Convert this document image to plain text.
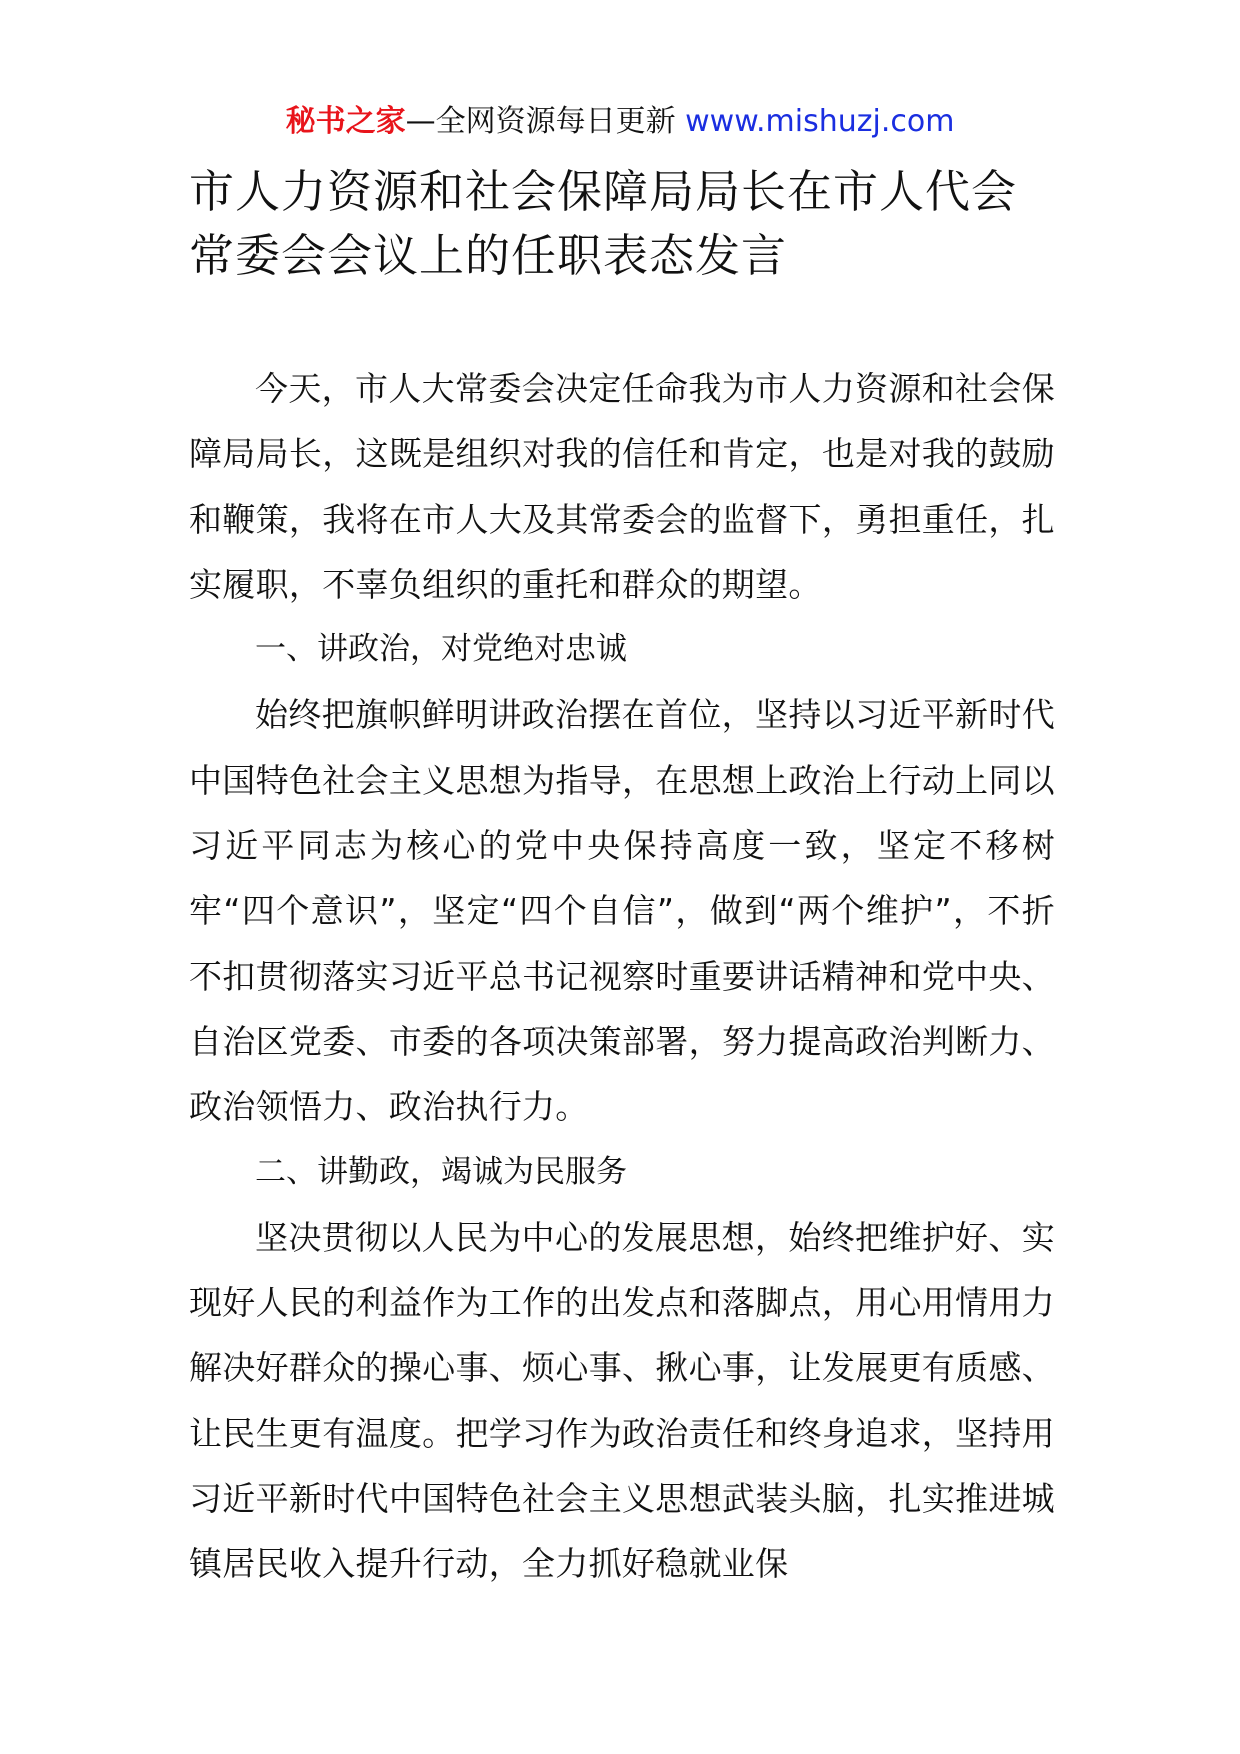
秘书之家—全网资源每日更新 www.mishuzj.com
市人力资源和社会保障局局长在市人代会常委会会议上的任职表态发言

今天，市人大常委会决定任命我为市人力资源和社会保障局局长，这既是组织对我的信任和肯定，也是对我的鼓励和鞭策，我将在市人大及其常委会的监督下，勇担重任，扎实履职，不辜负组织的重托和群众的期望。

一、讲政治，对党绝对忠诚

始终把旗帜鲜明讲政治摆在首位，坚持以习近平新时代中国特色社会主义思想为指导，在思想上政治上行动上同以习近平同志为核心的党中央保持高度一致，坚定不移树牢“四个意识”，坚定“四个自信”，做到“两个维护”，不折不扣贯彻落实习近平总书记视察时重要讲话精神和党中央、自治区党委、市委的各项决策部署，努力提高政治判断力、政治领悟力、政治执行力。

二、讲勤政，竭诚为民服务

坚决贯彻以人民为中心的发展思想，始终把维护好、实现好人民的利益作为工作的出发点和落脚点，用心用情用力解决好群众的操心事、烦心事、揪心事，让发展更有质感、让民生更有温度。把学习作为政治责任和终身追求，坚持用习近平新时代中国特色社会主义思想武装头脑，扎实推进城镇居民收入提升行动，全力抓好稳就业保
